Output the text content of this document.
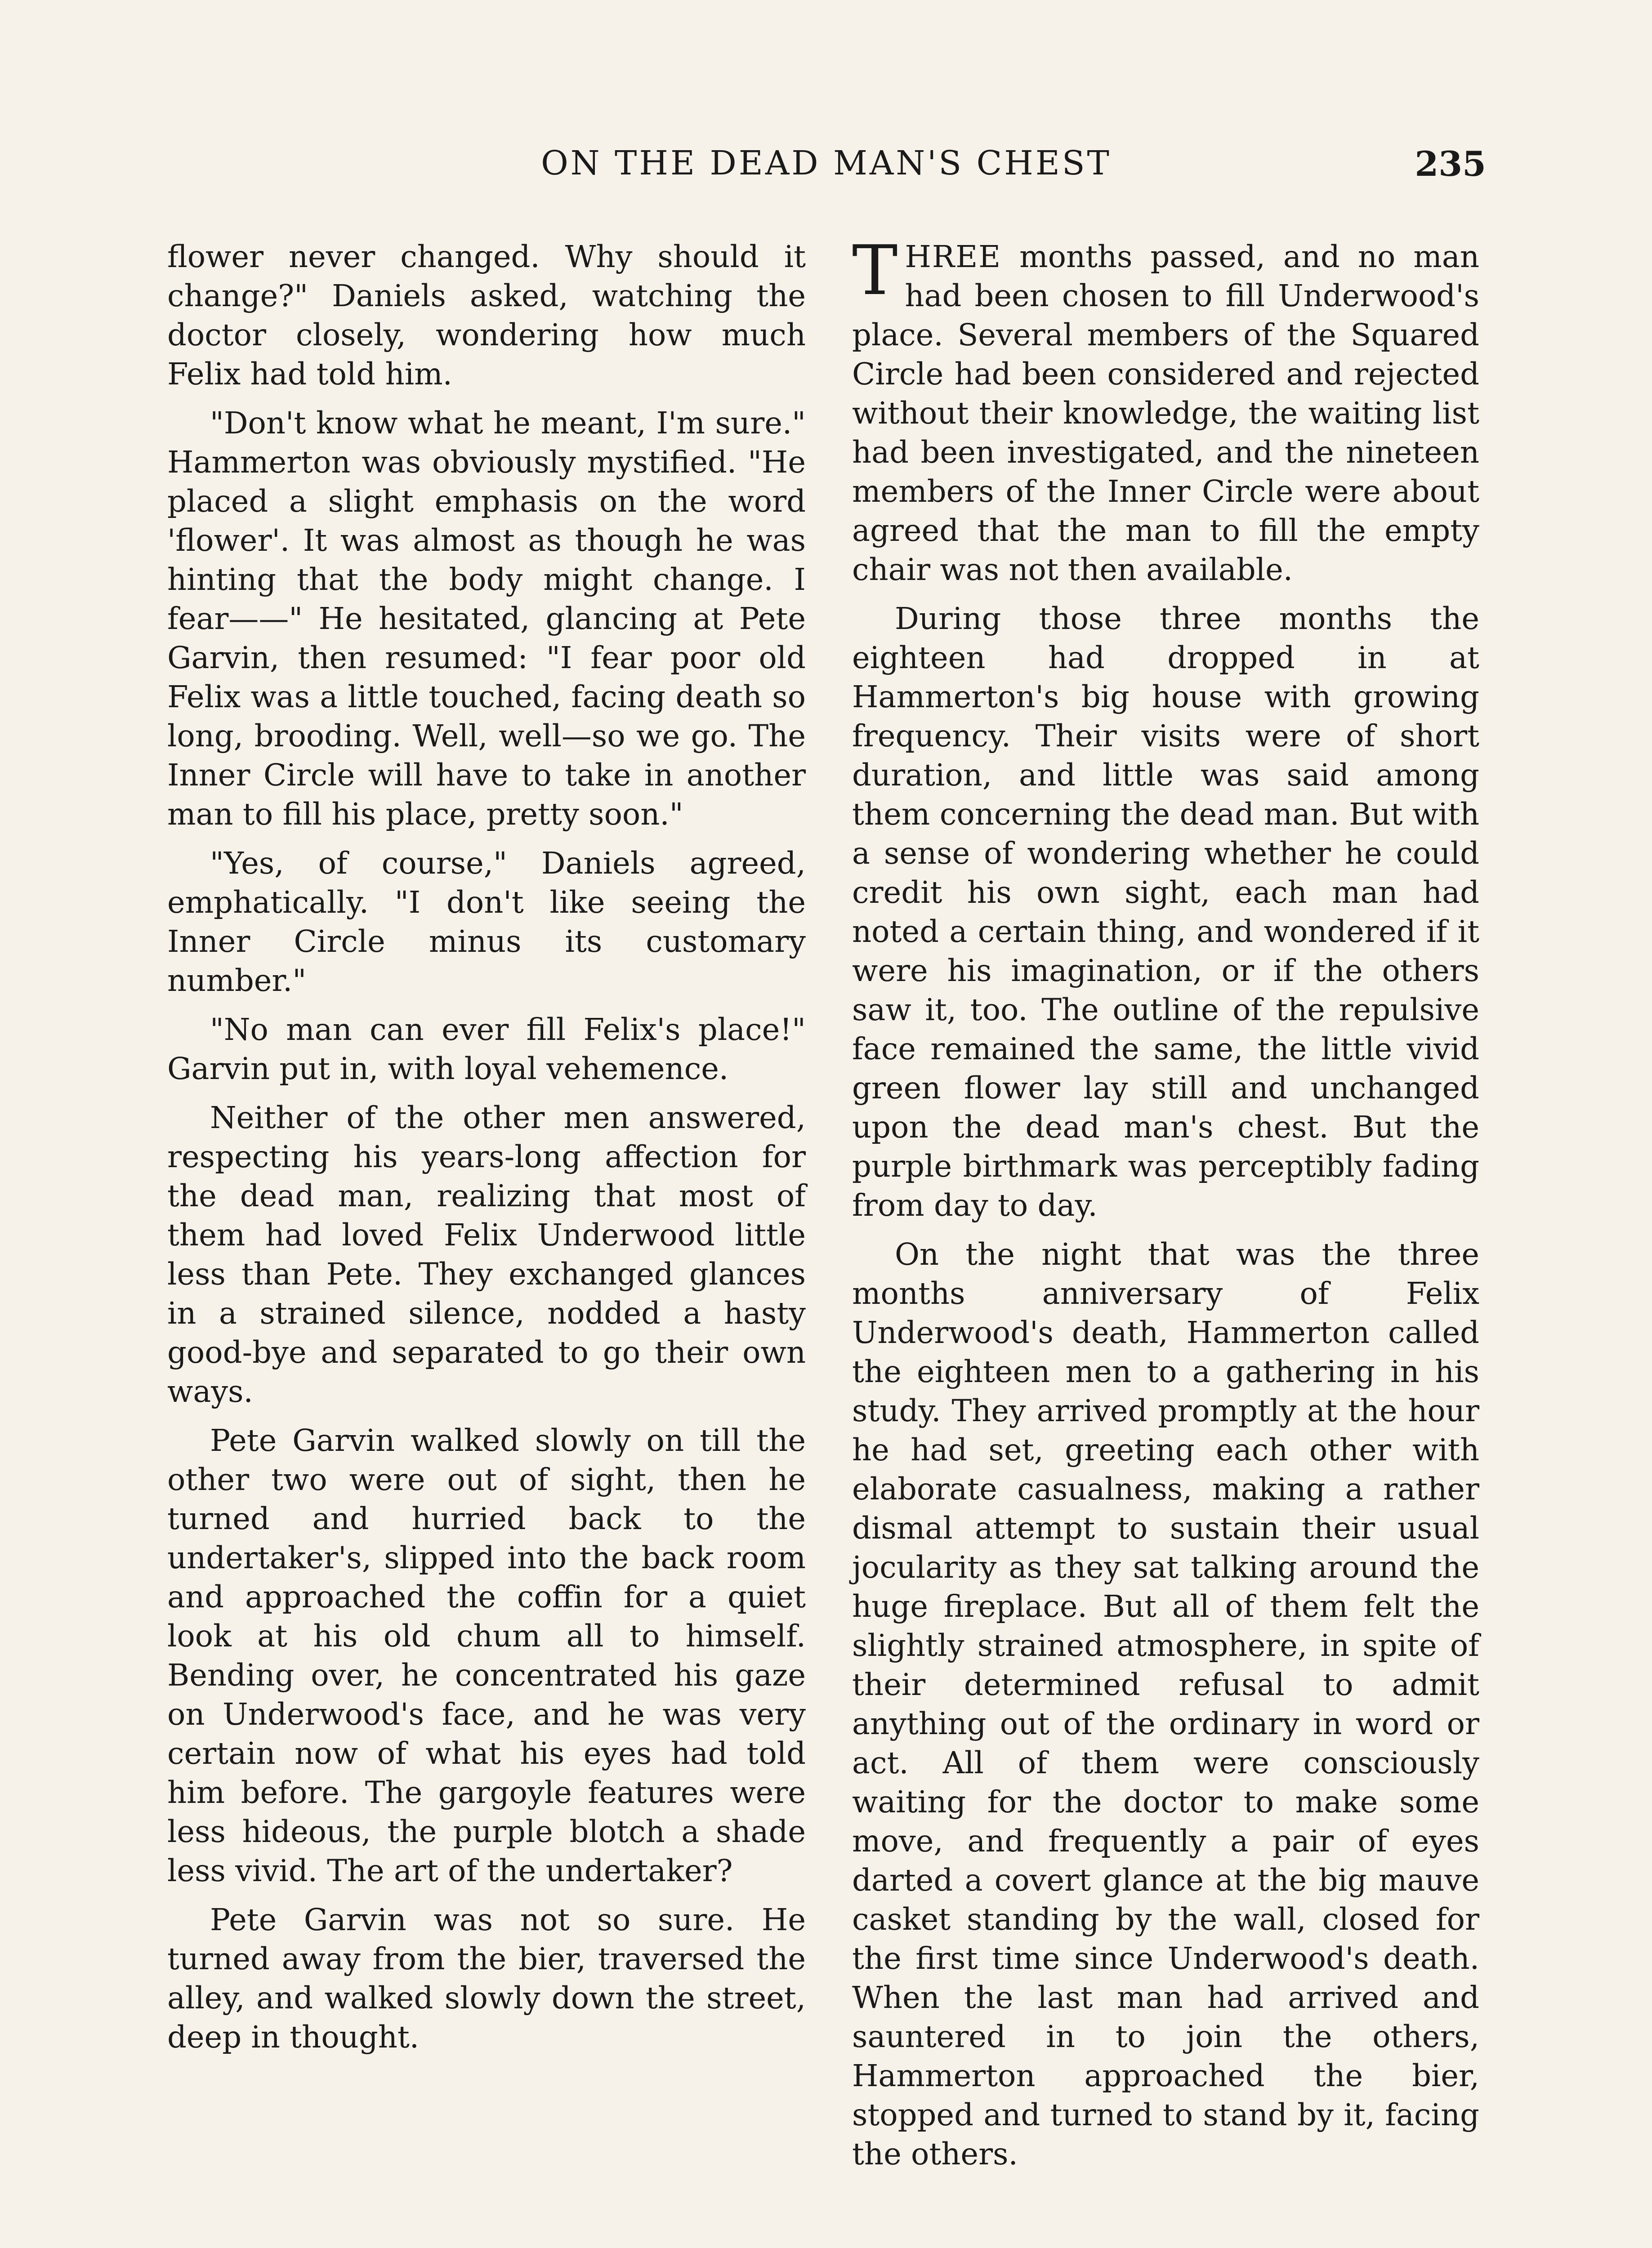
ON THE DEAD MAN'S CHEST	235

flower never changed. Why should it change?" Daniels asked, watching the doctor closely, wondering how much Felix had told him.

"Don't know what he meant, I'm sure." Hammerton was obviously mystified. "He placed a slight emphasis on the word 'flower'. It was almost as though he was hinting that the body might change. I fear——" He hesitated, glancing at Pete Garvin, then resumed: "I fear poor old Felix was a little touched, facing death so long, brooding. Well, well—so we go. The Inner Circle will have to take in another man to fill his place, pretty soon."

"Yes, of course," Daniels agreed, emphatically. "I don't like seeing the Inner Circle minus its customary number."

"No man can ever fill Felix's place!" Garvin put in, with loyal vehemence.

Neither of the other men answered, respecting his years-long affection for the dead man, realizing that most of them had loved Felix Underwood little less than Pete. They exchanged glances in a strained silence, nodded a hasty good-bye and separated to go their own ways.

Pete Garvin walked slowly on till the other two were out of sight, then he turned and hurried back to the undertaker's, slipped into the back room and approached the coffin for a quiet look at his old chum all to himself. Bending over, he concentrated his gaze on Underwood's face, and he was very certain now of what his eyes had told him before. The gargoyle features were less hideous, the purple blotch a shade less vivid. The art of the undertaker?

Pete Garvin was not so sure. He turned away from the bier, traversed the alley, and walked slowly down the street, deep in thought.

THREE months passed, and no man had been chosen to fill Underwood's place. Several members of the Squared Circle had been considered and rejected without their knowledge, the waiting list had been investigated, and the nineteen members of the Inner Circle were about agreed that the man to fill the empty chair was not then available.

During those three months the eighteen had dropped in at Hammerton's big house with growing frequency. Their visits were of short duration, and little was said among them concerning the dead man. But with a sense of wondering whether he could credit his own sight, each man had noted a certain thing, and wondered if it were his imagination, or if the others saw it, too. The outline of the repulsive face remained the same, the little vivid green flower lay still and unchanged upon the dead man's chest. But the purple birthmark was perceptibly fading from day to day.

On the night that was the three months anniversary of Felix Underwood's death, Hammerton called the eighteen men to a gathering in his study. They arrived promptly at the hour he had set, greeting each other with elaborate casualness, making a rather dismal attempt to sustain their usual jocularity as they sat talking around the huge fireplace. But all of them felt the slightly strained atmosphere, in spite of their determined refusal to admit anything out of the ordinary in word or act. All of them were consciously waiting for the doctor to make some move, and frequently a pair of eyes darted a covert glance at the big mauve casket standing by the wall, closed for the first time since Underwood's death. When the last man had arrived and sauntered in to join the others, Hammerton approached the bier, stopped and turned to stand by it, facing the others.
